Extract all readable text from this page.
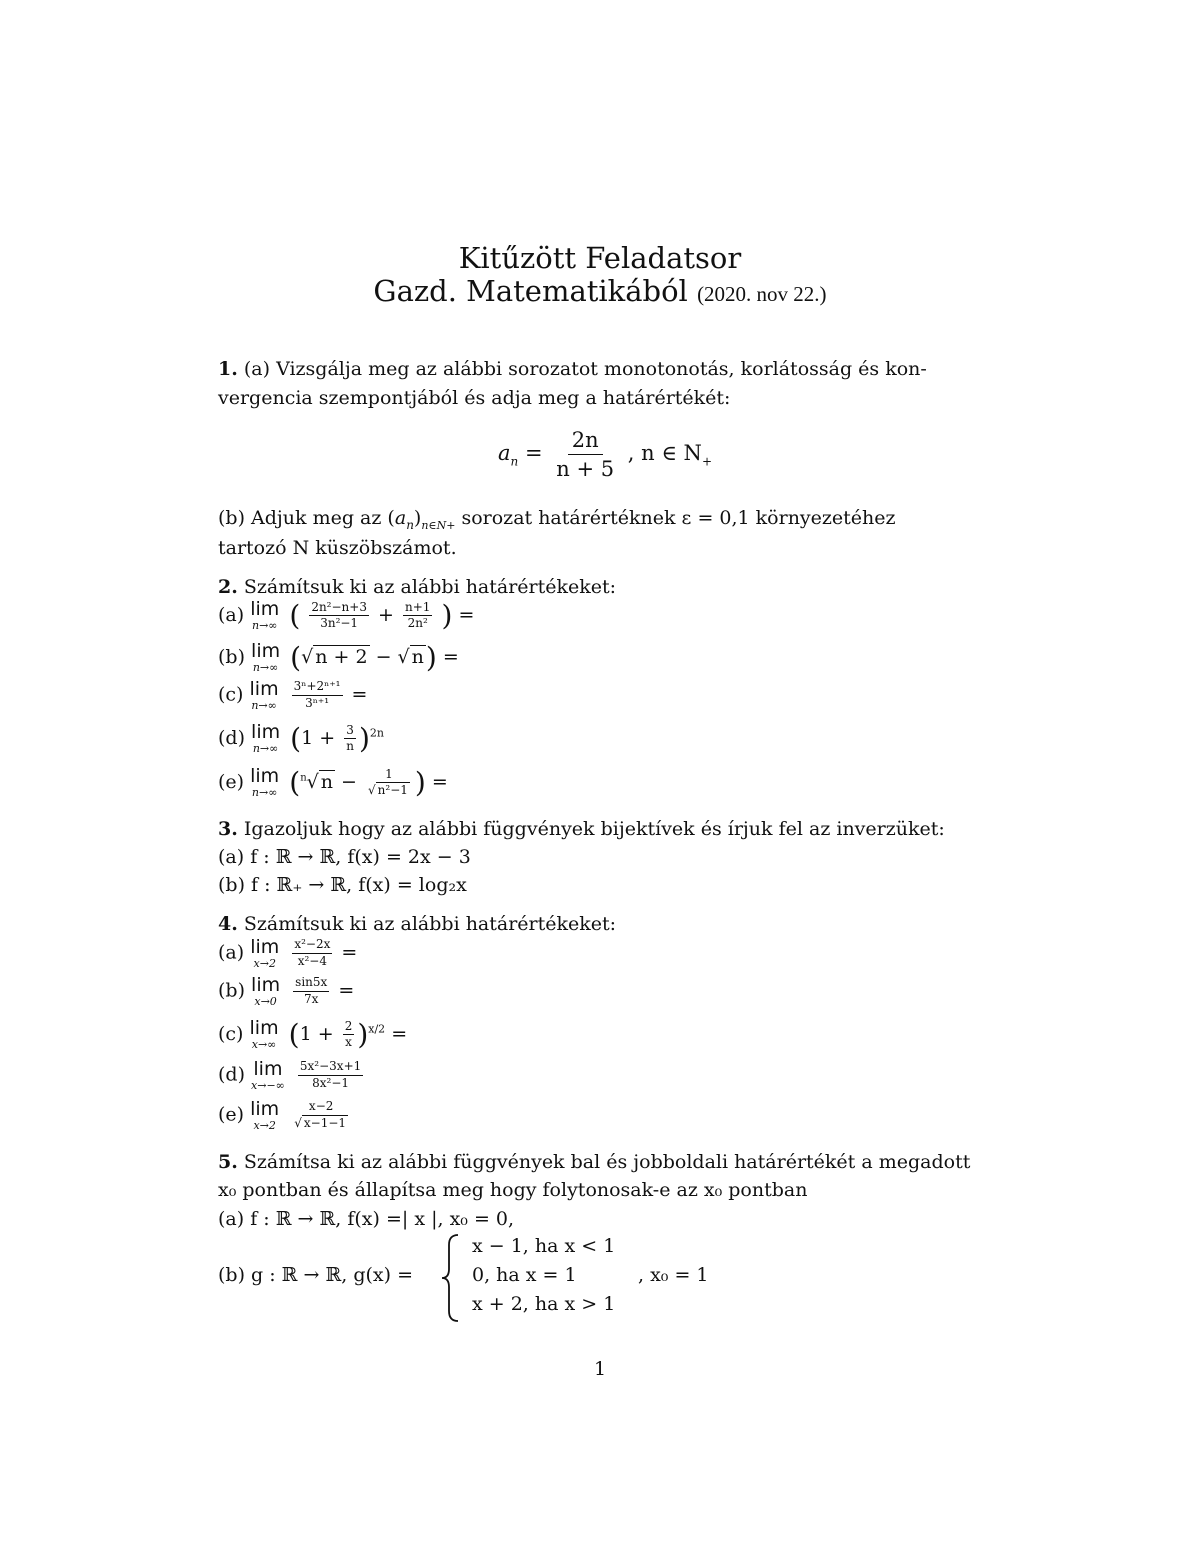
Kitűzött Feladatsor
Gazd. Matematikából (2020. nov 22.)
1. (a) Vizsgálja meg az alábbi sorozatot monotonotás, korlátosság és kon-
vergencia szempontjából és adja meg a határértékét:
$a_n = \frac{2n}{n + 5}$ , n ∈ $N_+$
(b) Adjuk meg az $(a_n)_{n\in N+}$ sorozat határértéknek ε = 0,1 környezetéhez
tartozó N küszöbszámot.
2. Számítsuk ki az alábbi határértékeket:
(a) lim
n→∞ ( $\frac{\text{2n²−n+3}}{\text{3n²−1}} + \frac{n+1}{\text{2n²}}$ ) =
(b) lim
n→∞ (√ n + 2 − √ n) =
(c) lim
n→∞
$\frac{\text{3ⁿ+2ⁿ⁺¹}}{\text{3ⁿ⁺¹}}$ =
(d) lim
n→∞ $(1 + \frac{3}{n} )^{2n}$
(e) lim
n→∞ ($^n$√ $n - \frac{1}{\text{√ n²−1}}$ ) =
3. Igazoljuk hogy az alábbi függvények bijektívek és írjuk fel az inverzüket:
(a) f : ℝ → ℝ, f(x) = 2x − 3
(b) f : ℝ₊ → ℝ, f(x) = log₂x
4. Számítsuk ki az alábbi határértékeket:
(a) lim
x→2
$\frac{\text{x²−2x}}{\text{x²−4}}$ =
(b) lim
x→0
$\frac{\sin 5x}{7x}$ =
(c) lim
x→∞ $(1 + \frac{2}{x} )^{x/2}$ =
(d) lim
x→−∞
$\frac{\text{5x²−3x+1}}{\text{8x²−1}}$
(e) lim
x→2
$\frac{x-2}{√ x-1-1}$
5. Számítsa ki az alábbi függvények bal és jobboldali határértékét a megadott
x₀ pontban és állapítsa meg hogy folytonosak-e az x₀ pontban
(a) f : ℝ → ℝ, f(x) =| x |, x₀ = 0,
(b) g : ℝ → ℝ, g(x) =
x − 1, ha x < 1
0, ha x = 1
x + 2, ha x > 1
, x₀ = 1
1
